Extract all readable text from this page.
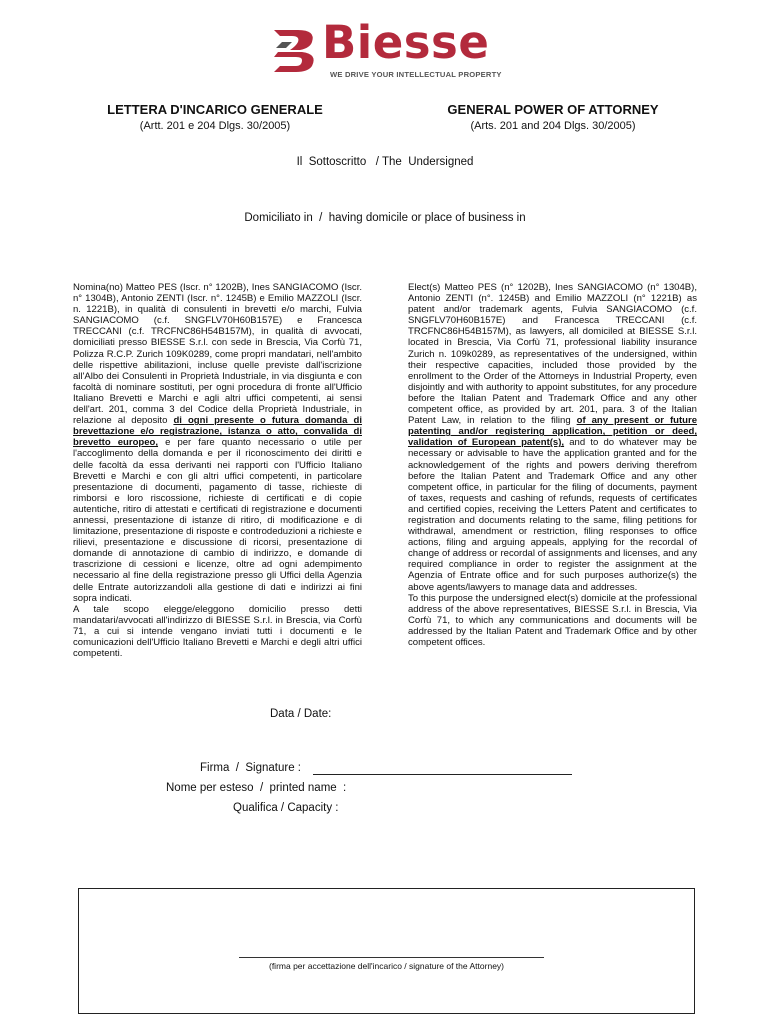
Biesse
WE DRIVE YOUR INTELLECTUAL PROPERTY
LETTERA D'INCARICO GENERALE
(Artt. 201 e 204 Dlgs. 30/2005)
GENERAL POWER OF ATTORNEY
(Arts. 201 and 204 Dlgs. 30/2005)
Il  Sottoscritto   / The  Undersigned
Domiciliato in  /  having domicile or place of business in
Nomina(no) Matteo PES (Iscr. n° 1202B), Ines SANGIACOMO (Iscr. n° 1304B), Antonio ZENTI (Iscr. n°. 1245B) e Emilio MAZZOLI (Iscr. n. 1221B), in qualità di consulenti in brevetti e/o marchi, Fulvia SANGIACOMO (c.f. SNGFLV70H60B157E) e Francesca TRECCANI (c.f. TRCFNC86H54B157M), in qualità di avvocati, domiciliati presso BIESSE S.r.l. con sede in Brescia, Via Corfù 71, Polizza R.C.P. Zurich 109K0289, come propri mandatari, nell'ambito delle rispettive abilitazioni, incluse quelle previste dall'iscrizione all'Albo dei Consulenti in Proprietà Industriale, in via disgiunta e con facoltà di nominare sostituti, per ogni procedura di fronte all'Ufficio Italiano Brevetti e Marchi e agli altri uffici competenti, ai sensi dell'art. 201, comma 3 del Codice della Proprietà Industriale, in relazione al deposito di ogni presente o futura domanda di brevettazione e/o registrazione, istanza o atto, convalida di brevetto europeo, e per fare quanto necessario o utile per l'accoglimento della domanda e per il riconoscimento dei diritti e delle facoltà da essa derivanti nei rapporti con l'Ufficio Italiano Brevetti e Marchi e con gli altri uffici competenti, in particolare presentazione di documenti, pagamento di tasse, richieste di rimborsi e loro riscossione, richieste di certificati e di copie autentiche, ritiro di attestati e certificati di registrazione e documenti annessi, presentazione di istanze di ritiro, di modificazione e di limitazione, presentazione di risposte e controdeduzioni a richieste e rilievi, presentazione e discussione di ricorsi, presentazione di domande di annotazione di cambio di indirizzo, e domande di trascrizione di cessioni e licenze, oltre ad ogni adempimento necessario al fine della registrazione presso gli Uffici della Agenzia delle Entrate autorizzandoli alla gestione di dati e indirizzi ai fini sopra indicati.
A tale scopo elegge/eleggono domicilio presso detti mandatari/avvocati all'indirizzo di BIESSE S.r.l. in Brescia, via Corfù 71, a cui si intende vengano inviati tutti i documenti e le comunicazioni dell'Ufficio Italiano Brevetti e Marchi e degli altri uffici competenti.
Elect(s) Matteo PES (n° 1202B), Ines SANGIACOMO (n° 1304B), Antonio ZENTI (n°. 1245B) and Emilio MAZZOLI (n° 1221B) as patent and/or trademark agents, Fulvia SANGIACOMO (c.f. SNGFLV70H60B157E) and Francesca TRECCANI (c.f. TRCFNC86H54B157M), as lawyers, all domiciled at BIESSE S.r.l. located in Brescia, Via Corfù 71, professional liability insurance Zurich n. 109k0289, as representatives of the undersigned, within their respective capacities, included those provided by the enrollment to the Order of the Attorneys in Industrial Property, even disjointly and with authority to appoint substitutes, for any procedure before the Italian Patent and Trademark Office and any other competent office, as provided by art. 201, para. 3 of the Italian Patent Law, in relation to the filing of any present or future patenting and/or registering application, petition or deed, validation of European patent(s), and to do whatever may be necessary or advisable to have the application granted and for the acknowledgement of the rights and powers deriving therefrom before the Italian Patent and Trademark Office and any other competent office, in particular for the filing of documents, payment of taxes, requests and cashing of refunds, requests of certificates and certified copies, receiving the Letters Patent and certificates to registration and documents relating to the same, filing petitions for withdrawal, amendment or restriction, filing responses to office actions, filing and arguing appeals, applying for the recordal of change of address or recordal of assignments and licenses, and any required compliance in order to register the assignment at the Agenzia of Entrate office and for such purposes authorize(s) the above agents/lawyers to manage data and addresses.
To this purpose the undersigned elect(s) domicile at the professional address of the above representatives, BIESSE S.r.l. in Brescia, Via Corfù 71, to which any communications and documents will be addressed by the Italian Patent and Trademark Office and by other competent offices.
Data / Date:
Firma  /  Signature :
Nome per esteso  /  printed name  :
Qualifica / Capacity :
(firma per accettazione dell'incarico / signature of the Attorney)
